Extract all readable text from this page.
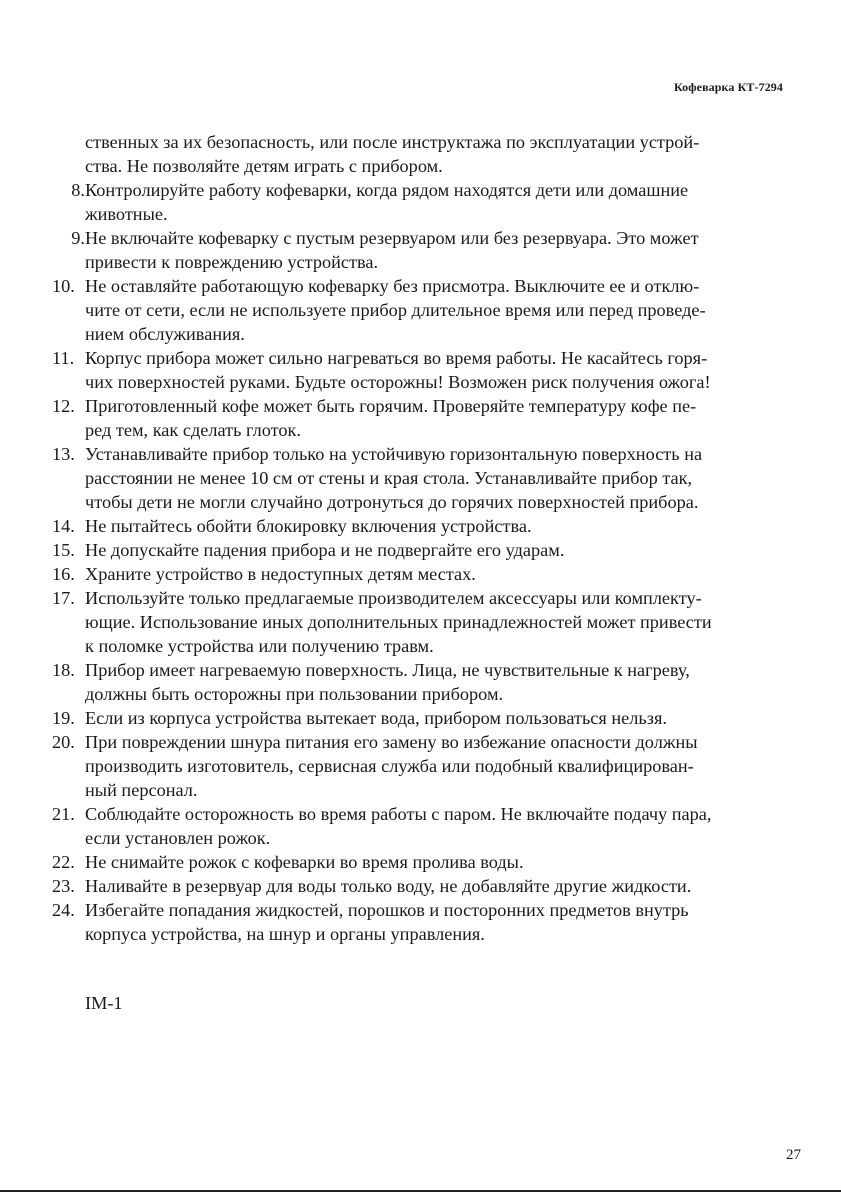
Кофеварка КТ-7294

ственных за их безопасность, или после инструктажа по эксплуатации устрой-
ства. Не позволяйте детям играть с прибором.

8. Контролируйте работу кофеварки, когда рядом находятся дети или домашние
животные.
9. Не включайте кофеварку с пустым резервуаром или без резервуара. Это может
привести к повреждению устройства.
10. Не оставляйте работающую кофеварку без присмотра. Выключите ее и отклю-
чите от сети, если не используете прибор длительное время или перед проведе-
нием обслуживания.
11. Корпус прибора может сильно нагреваться во время работы. Не касайтесь горя-
чих поверхностей руками. Будьте осторожны! Возможен риск получения ожога!
12. Приготовленный кофе может быть горячим. Проверяйте температуру кофе пе-
ред тем, как сделать глоток.
13. Устанавливайте прибор только на устойчивую горизонтальную поверхность на
расстоянии не менее 10 см от стены и края стола. Устанавливайте прибор так,
чтобы дети не могли случайно дотронуться до горячих поверхностей прибора.
14. Не пытайтесь обойти блокировку включения устройства.
15. Не допускайте падения прибора и не подвергайте его ударам.
16. Храните устройство в недоступных детям местах.
17. Используйте только предлагаемые производителем аксессуары или комплекту-
ющие. Использование иных дополнительных принадлежностей может привести
к поломке устройства или получению травм.
18. Прибор имеет нагреваемую поверхность. Лица, не чувствительные к нагреву,
должны быть осторожны при пользовании прибором.
19. Если из корпуса устройства вытекает вода, прибором пользоваться нельзя.
20. При повреждении шнура питания его замену во избежание опасности должны
производить изготовитель, сервисная служба или подобный квалифицирован-
ный персонал.
21. Соблюдайте осторожность во время работы с паром. Не включайте подачу пара,
если установлен рожок.
22. Не снимайте рожок с кофеварки во время пролива воды.
23. Наливайте в резервуар для воды только воду, не добавляйте другие жидкости.
24. Избегайте попадания жидкостей, порошков и посторонних предметов внутрь
корпуса устройства, на шнур и органы управления.
IM-1
27
